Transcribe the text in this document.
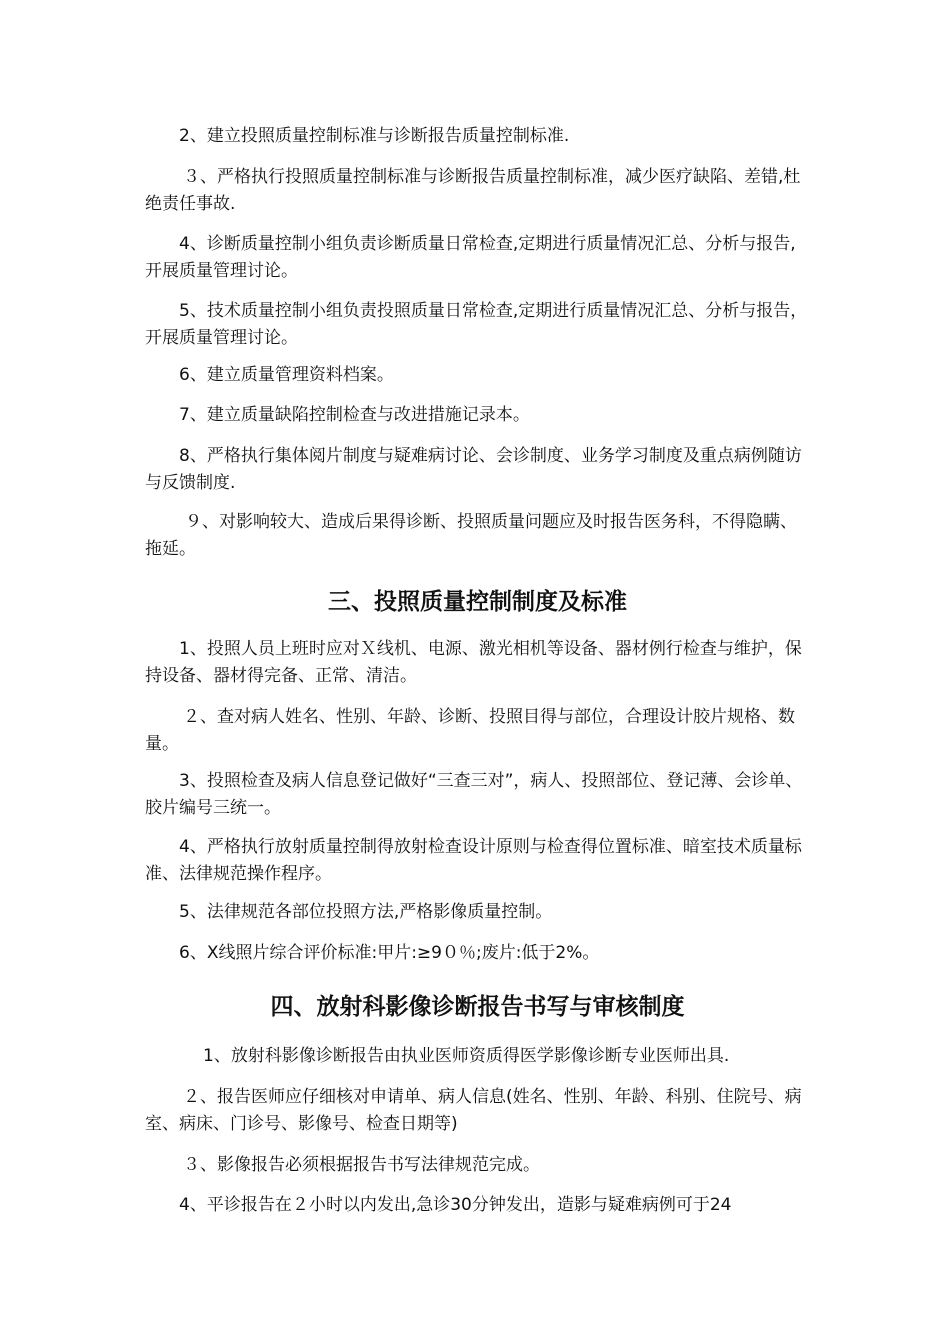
2、建立投照质量控制标准与诊断报告质量控制标准.

３、严格执行投照质量控制标准与诊断报告质量控制标准，减少医疗缺陷、差错,杜绝责任事故.

4、诊断质量控制小组负责诊断质量日常检查,定期进行质量情况汇总、分析与报告,开展质量管理讨论。

5、技术质量控制小组负责投照质量日常检查,定期进行质量情况汇总、分析与报告，开展质量管理讨论。

6、建立质量管理资料档案。

7、建立质量缺陷控制检查与改进措施记录本。

8、严格执行集体阅片制度与疑难病讨论、会诊制度、业务学习制度及重点病例随访与反馈制度.

９、对影响较大、造成后果得诊断、投照质量问题应及时报告医务科，不得隐瞒、拖延。

三、投照质量控制制度及标准

1、投照人员上班时应对Ｘ线机、电源、激光相机等设备、器材例行检查与维护，保持设备、器材得完备、正常、清洁。

２、查对病人姓名、性别、年龄、诊断、投照目得与部位，合理设计胶片规格、数量。

3、投照检查及病人信息登记做好“三查三对”，病人、投照部位、登记薄、会诊单、胶片编号三统一。

4、严格执行放射质量控制得放射检查设计原则与检查得位置标准、暗室技术质量标准、法律规范操作程序。

5、法律规范各部位投照方法,严格影像质量控制。

6、X线照片综合评价标准:甲片:≥9０％;废片:低于2%。

四、放射科影像诊断报告书写与审核制度

1、放射科影像诊断报告由执业医师资质得医学影像诊断专业医师出具.

２、报告医师应仔细核对申请单、病人信息(姓名、性别、年龄、科别、住院号、病室、病床、门诊号、影像号、检查日期等)

３、影像报告必须根据报告书写法律规范完成。

4、平诊报告在２小时以内发出,急诊30分钟发出，造影与疑难病例可于24
